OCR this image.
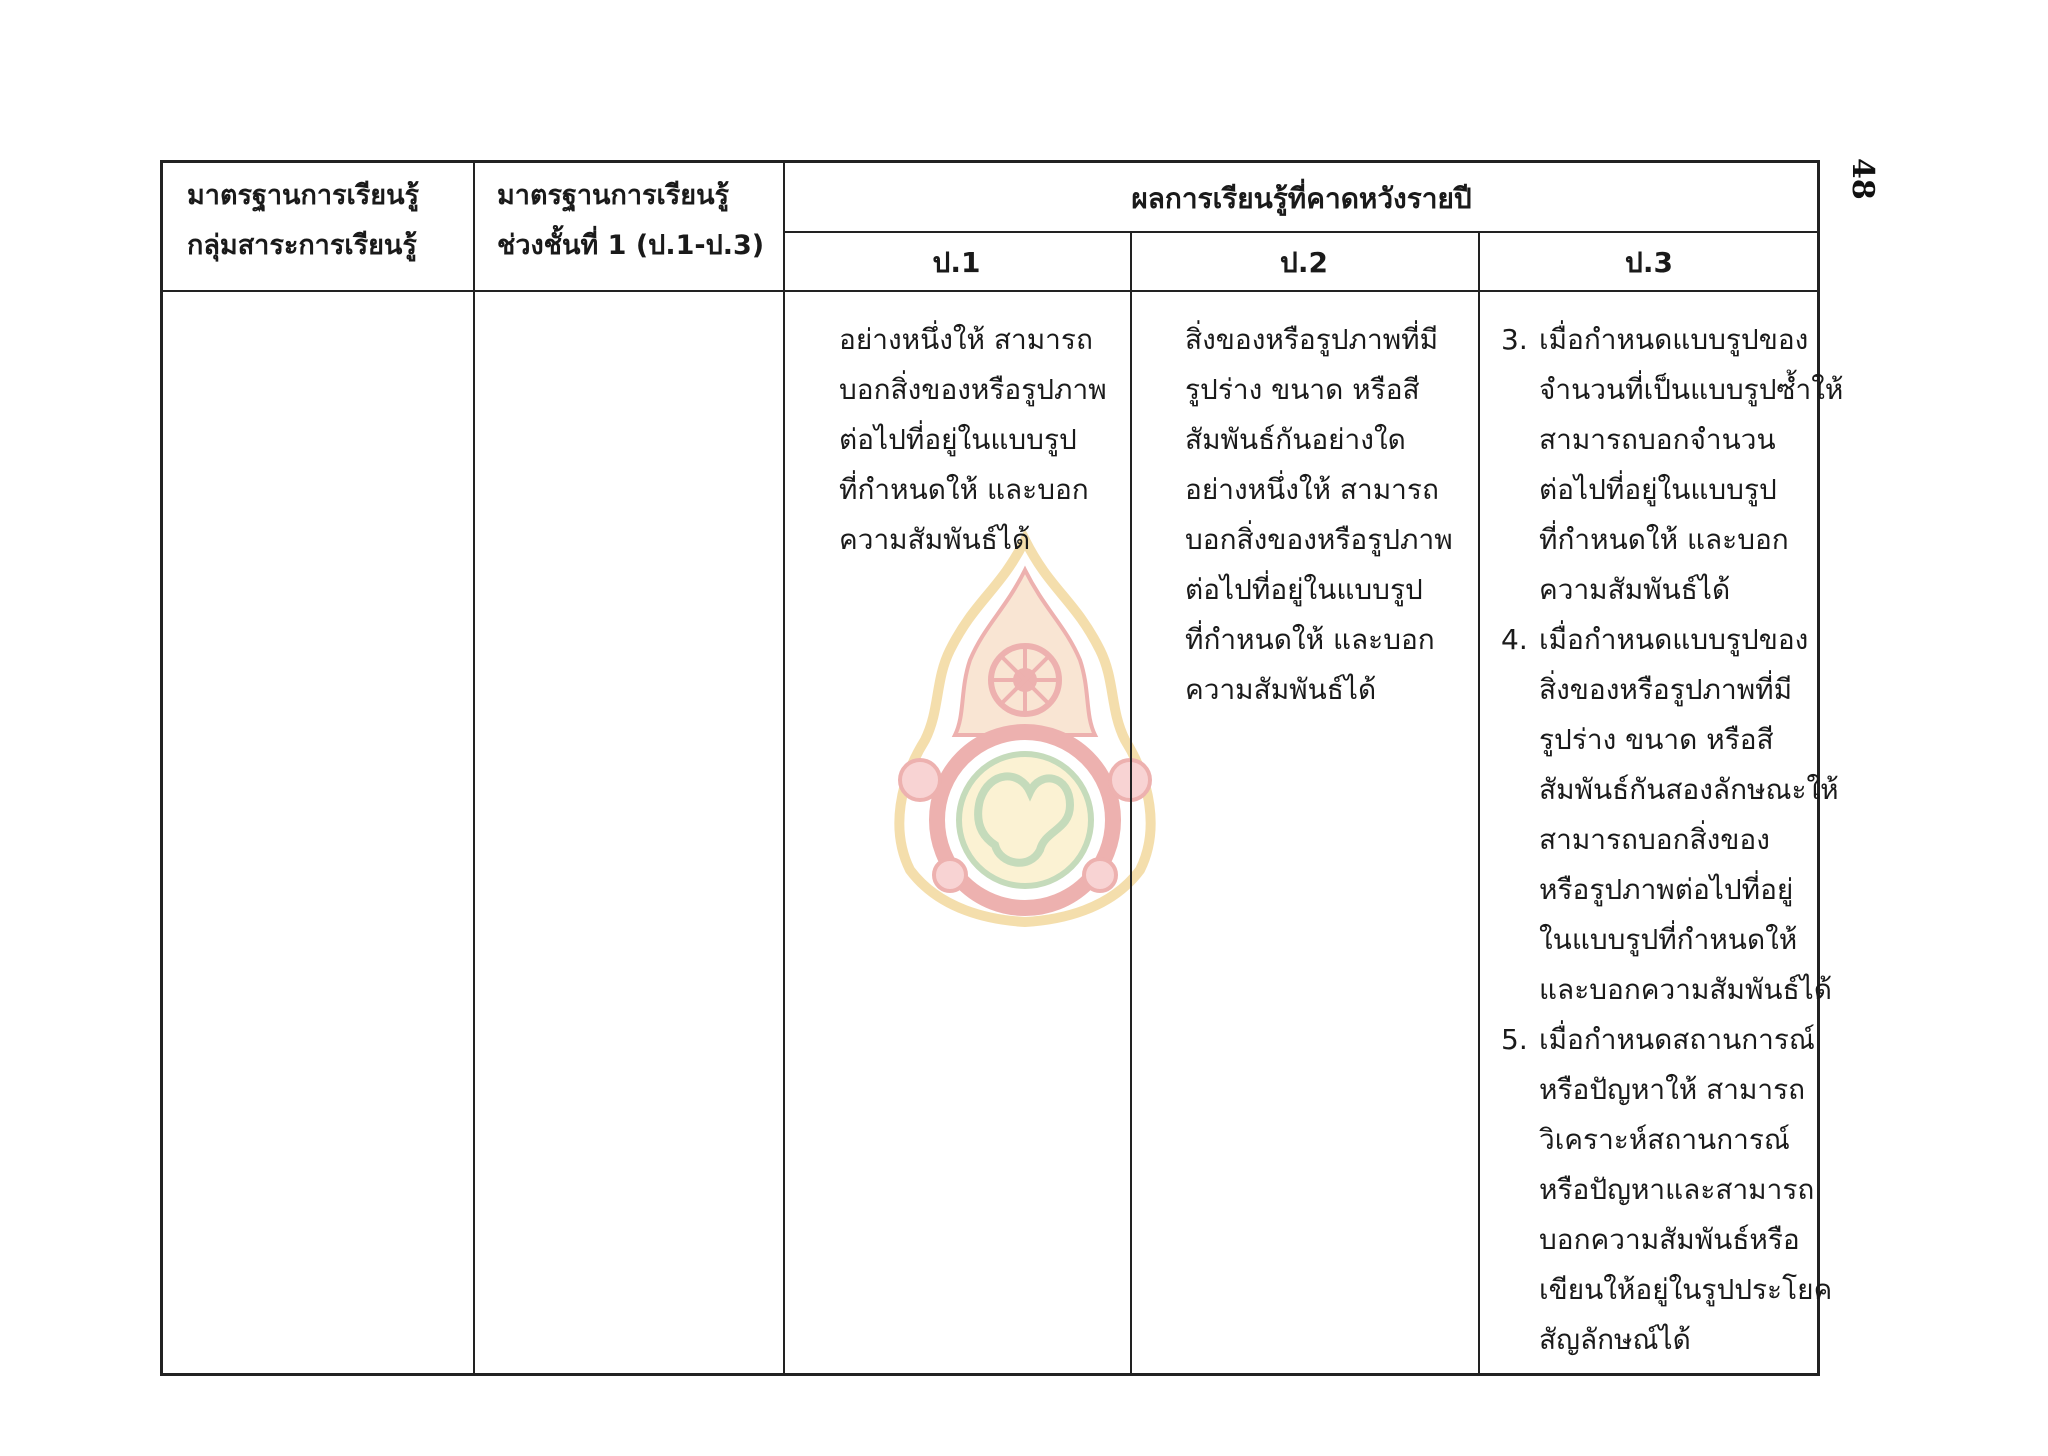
48
มาตรฐานการเรียนรู้
กลุ่มสาระการเรียนรู้
มาตรฐานการเรียนรู้
ช่วงชั้นที่ 1 (ป.1-ป.3)
ผลการเรียนรู้ที่คาดหวังรายปี
ป.1	ป.2	ป.3
อย่างหนึ่งให้ สามารถ
บอกสิ่งของหรือรูปภาพ
ต่อไปที่อยู่ในแบบรูป
ที่กำหนดให้ และบอก
ความสัมพันธ์ได้
สิ่งของหรือรูปภาพที่มี
รูปร่าง ขนาด หรือสี
สัมพันธ์กันอย่างใด
อย่างหนึ่งให้ สามารถ
บอกสิ่งของหรือรูปภาพ
ต่อไปที่อยู่ในแบบรูป
ที่กำหนดให้ และบอก
ความสัมพันธ์ได้
3. เมื่อกำหนดแบบรูปของ
จำนวนที่เป็นแบบรูปซ้ำให้
สามารถบอกจำนวน
ต่อไปที่อยู่ในแบบรูป
ที่กำหนดให้ และบอก
ความสัมพันธ์ได้
4. เมื่อกำหนดแบบรูปของ
สิ่งของหรือรูปภาพที่มี
รูปร่าง ขนาด หรือสี
สัมพันธ์กันสองลักษณะให้
สามารถบอกสิ่งของ
หรือรูปภาพต่อไปที่อยู่
ในแบบรูปที่กำหนดให้
และบอกความสัมพันธ์ได้
5. เมื่อกำหนดสถานการณ์
หรือปัญหาให้ สามารถ
วิเคราะห์สถานการณ์
หรือปัญหาและสามารถ
บอกความสัมพันธ์หรือ
เขียนให้อยู่ในรูปประโยค
สัญลักษณ์ได้
